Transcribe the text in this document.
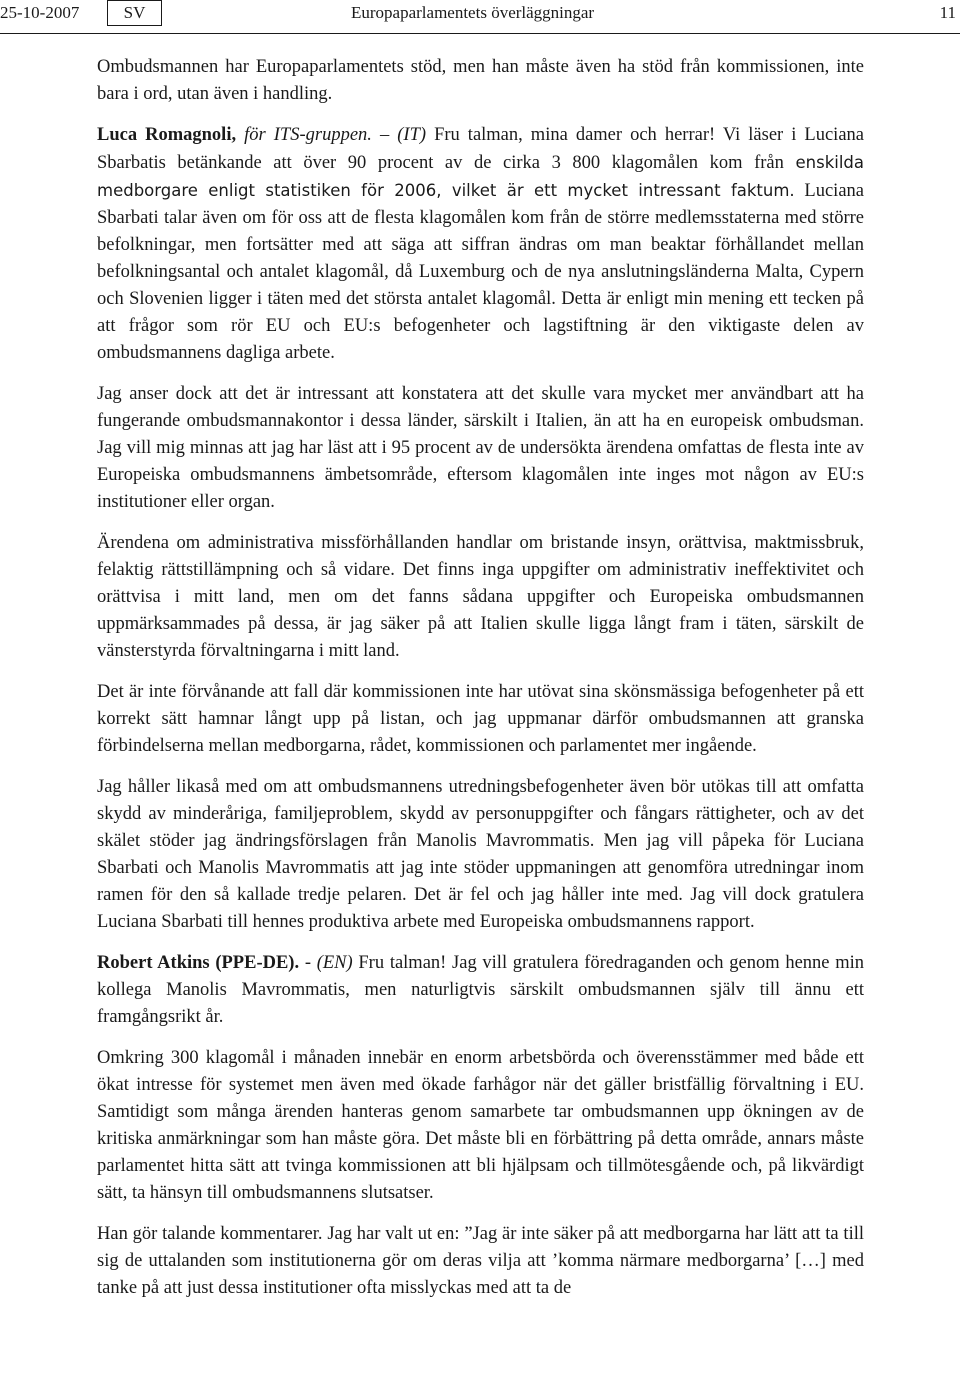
25-10-2007	SV	Europaparlamentets överläggningar	11

Ombudsmannen har Europaparlamentets stöd, men han måste även ha stöd från kommissionen, inte bara i ord, utan även i handling.

Luca Romagnoli, för ITS-gruppen. – (IT) Fru talman, mina damer och herrar! Vi läser i Luciana Sbarbatis betänkande att över 90 procent av de cirka 3 800 klagomålen kom från enskilda medborgare enligt statistiken för 2006, vilket är ett mycket intressant faktum. Luciana Sbarbati talar även om för oss att de flesta klagomålen kom från de större medlemsstaterna med större befolkningar, men fortsätter med att säga att siffran ändras om man beaktar förhållandet mellan befolkningsantal och antalet klagomål, då Luxemburg och de nya anslutningsländerna Malta, Cypern och Slovenien ligger i täten med det största antalet klagomål. Detta är enligt min mening ett tecken på att frågor som rör EU och EU:s befogenheter och lagstiftning är den viktigaste delen av ombudsmannens dagliga arbete.

Jag anser dock att det är intressant att konstatera att det skulle vara mycket mer användbart att ha fungerande ombudsmannakontor i dessa länder, särskilt i Italien, än att ha en europeisk ombudsman. Jag vill mig minnas att jag har läst att i 95 procent av de undersökta ärendena omfattas de flesta inte av Europeiska ombudsmannens ämbetsområde, eftersom klagomålen inte inges mot någon av EU:s institutioner eller organ.

Ärendena om administrativa missförhållanden handlar om bristande insyn, orättvisa, maktmissbruk, felaktig rättstillämpning och så vidare. Det finns inga uppgifter om administrativ ineffektivitet och orättvisa i mitt land, men om det fanns sådana uppgifter och Europeiska ombudsmannen uppmärksammades på dessa, är jag säker på att Italien skulle ligga långt fram i täten, särskilt de vänsterstyrda förvaltningarna i mitt land.

Det är inte förvånande att fall där kommissionen inte har utövat sina skönsmässiga befogenheter på ett korrekt sätt hamnar långt upp på listan, och jag uppmanar därför ombudsmannen att granska förbindelserna mellan medborgarna, rådet, kommissionen och parlamentet mer ingående.

Jag håller likaså med om att ombudsmannens utredningsbefogenheter även bör utökas till att omfatta skydd av minderåriga, familjeproblem, skydd av personuppgifter och fångars rättigheter, och av det skälet stöder jag ändringsförslagen från Manolis Mavrommatis. Men jag vill påpeka för Luciana Sbarbati och Manolis Mavrommatis att jag inte stöder uppmaningen att genomföra utredningar inom ramen för den så kallade tredje pelaren. Det är fel och jag håller inte med. Jag vill dock gratulera Luciana Sbarbati till hennes produktiva arbete med Europeiska ombudsmannens rapport.

Robert Atkins (PPE-DE). - (EN) Fru talman! Jag vill gratulera föredraganden och genom henne min kollega Manolis Mavrommatis, men naturligtvis särskilt ombudsmannen själv till ännu ett framgångsrikt år.

Omkring 300 klagomål i månaden innebär en enorm arbetsbörda och överensstämmer med både ett ökat intresse för systemet men även med ökade farhågor när det gäller bristfällig förvaltning i EU. Samtidigt som många ärenden hanteras genom samarbete tar ombudsmannen upp ökningen av de kritiska anmärkningar som han måste göra. Det måste bli en förbättring på detta område, annars måste parlamentet hitta sätt att tvinga kommissionen att bli hjälpsam och tillmötesgående och, på likvärdigt sätt, ta hänsyn till ombudsmannens slutsatser.

Han gör talande kommentarer. Jag har valt ut en: ”Jag är inte säker på att medborgarna har lätt att ta till sig de uttalanden som institutionerna gör om deras vilja att ’komma närmare medborgarna’ […] med tanke på att just dessa institutioner ofta misslyckas med att ta de
